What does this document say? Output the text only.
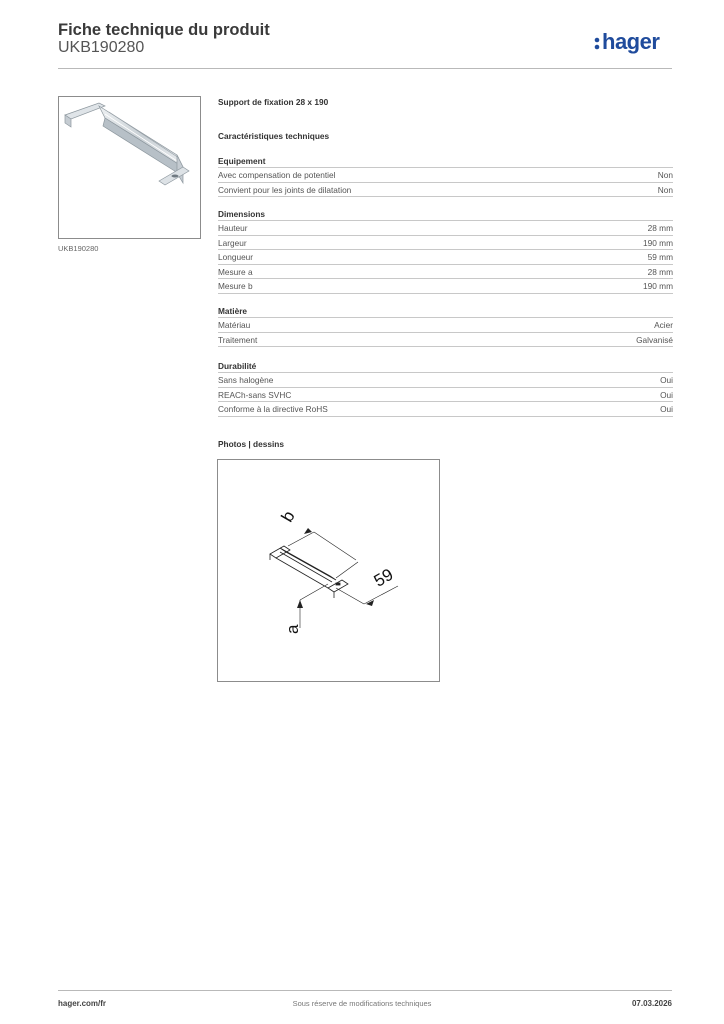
Fiche technique du produit
UKB190280	hager
UKB190280
Support de fixation 28 x 190
Caractéristiques techniques
Equipement
Avec compensation de potentiel	Non
Convient pour les joints de dilatation	Non
Dimensions
Hauteur	28 mm
Largeur	190 mm
Longueur	59 mm
Mesure a	28 mm
Mesure b	190 mm
Matière
Matériau	Acier
Traitement	Galvanisé
Durabilité
Sans halogène	Oui
REACh-sans SVHC	Oui
Conforme à la directive RoHS	Oui
Photos | dessins
b
59
a
hager.com/fr	Sous réserve de modifications techniques	07.03.2026
